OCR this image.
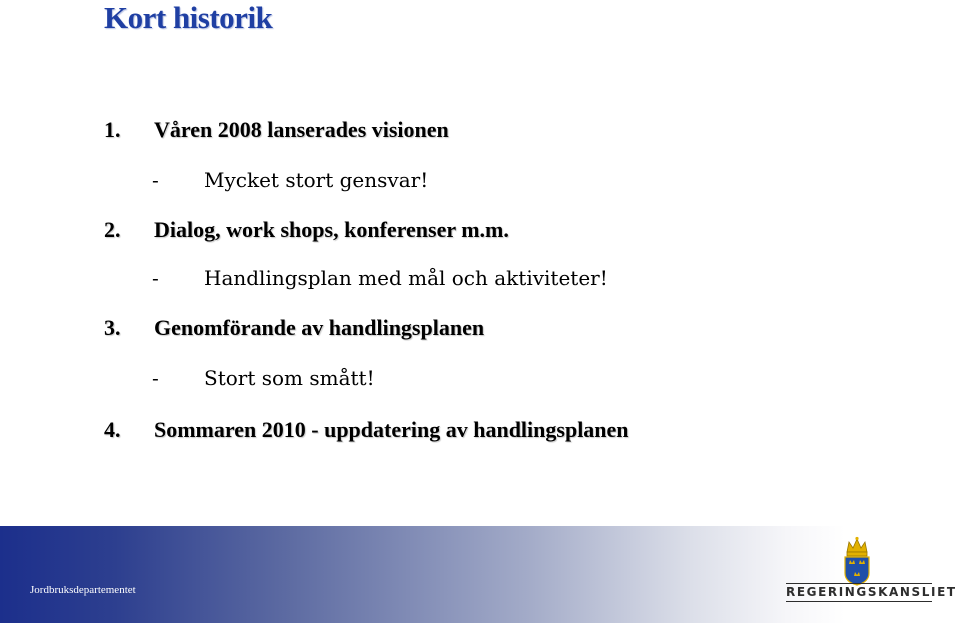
Kort historik
1. Våren 2008 lanserades visionen
- Mycket stort gensvar!
2. Dialog, work shops, konferenser m.m.
- Handlingsplan med mål och aktiviteter!
3. Genomförande av handlingsplanen
- Stort som smått!
4. Sommaren 2010 - uppdatering av handlingsplanen
Jordbruksdepartementet	REGERINGSKANSLIET
